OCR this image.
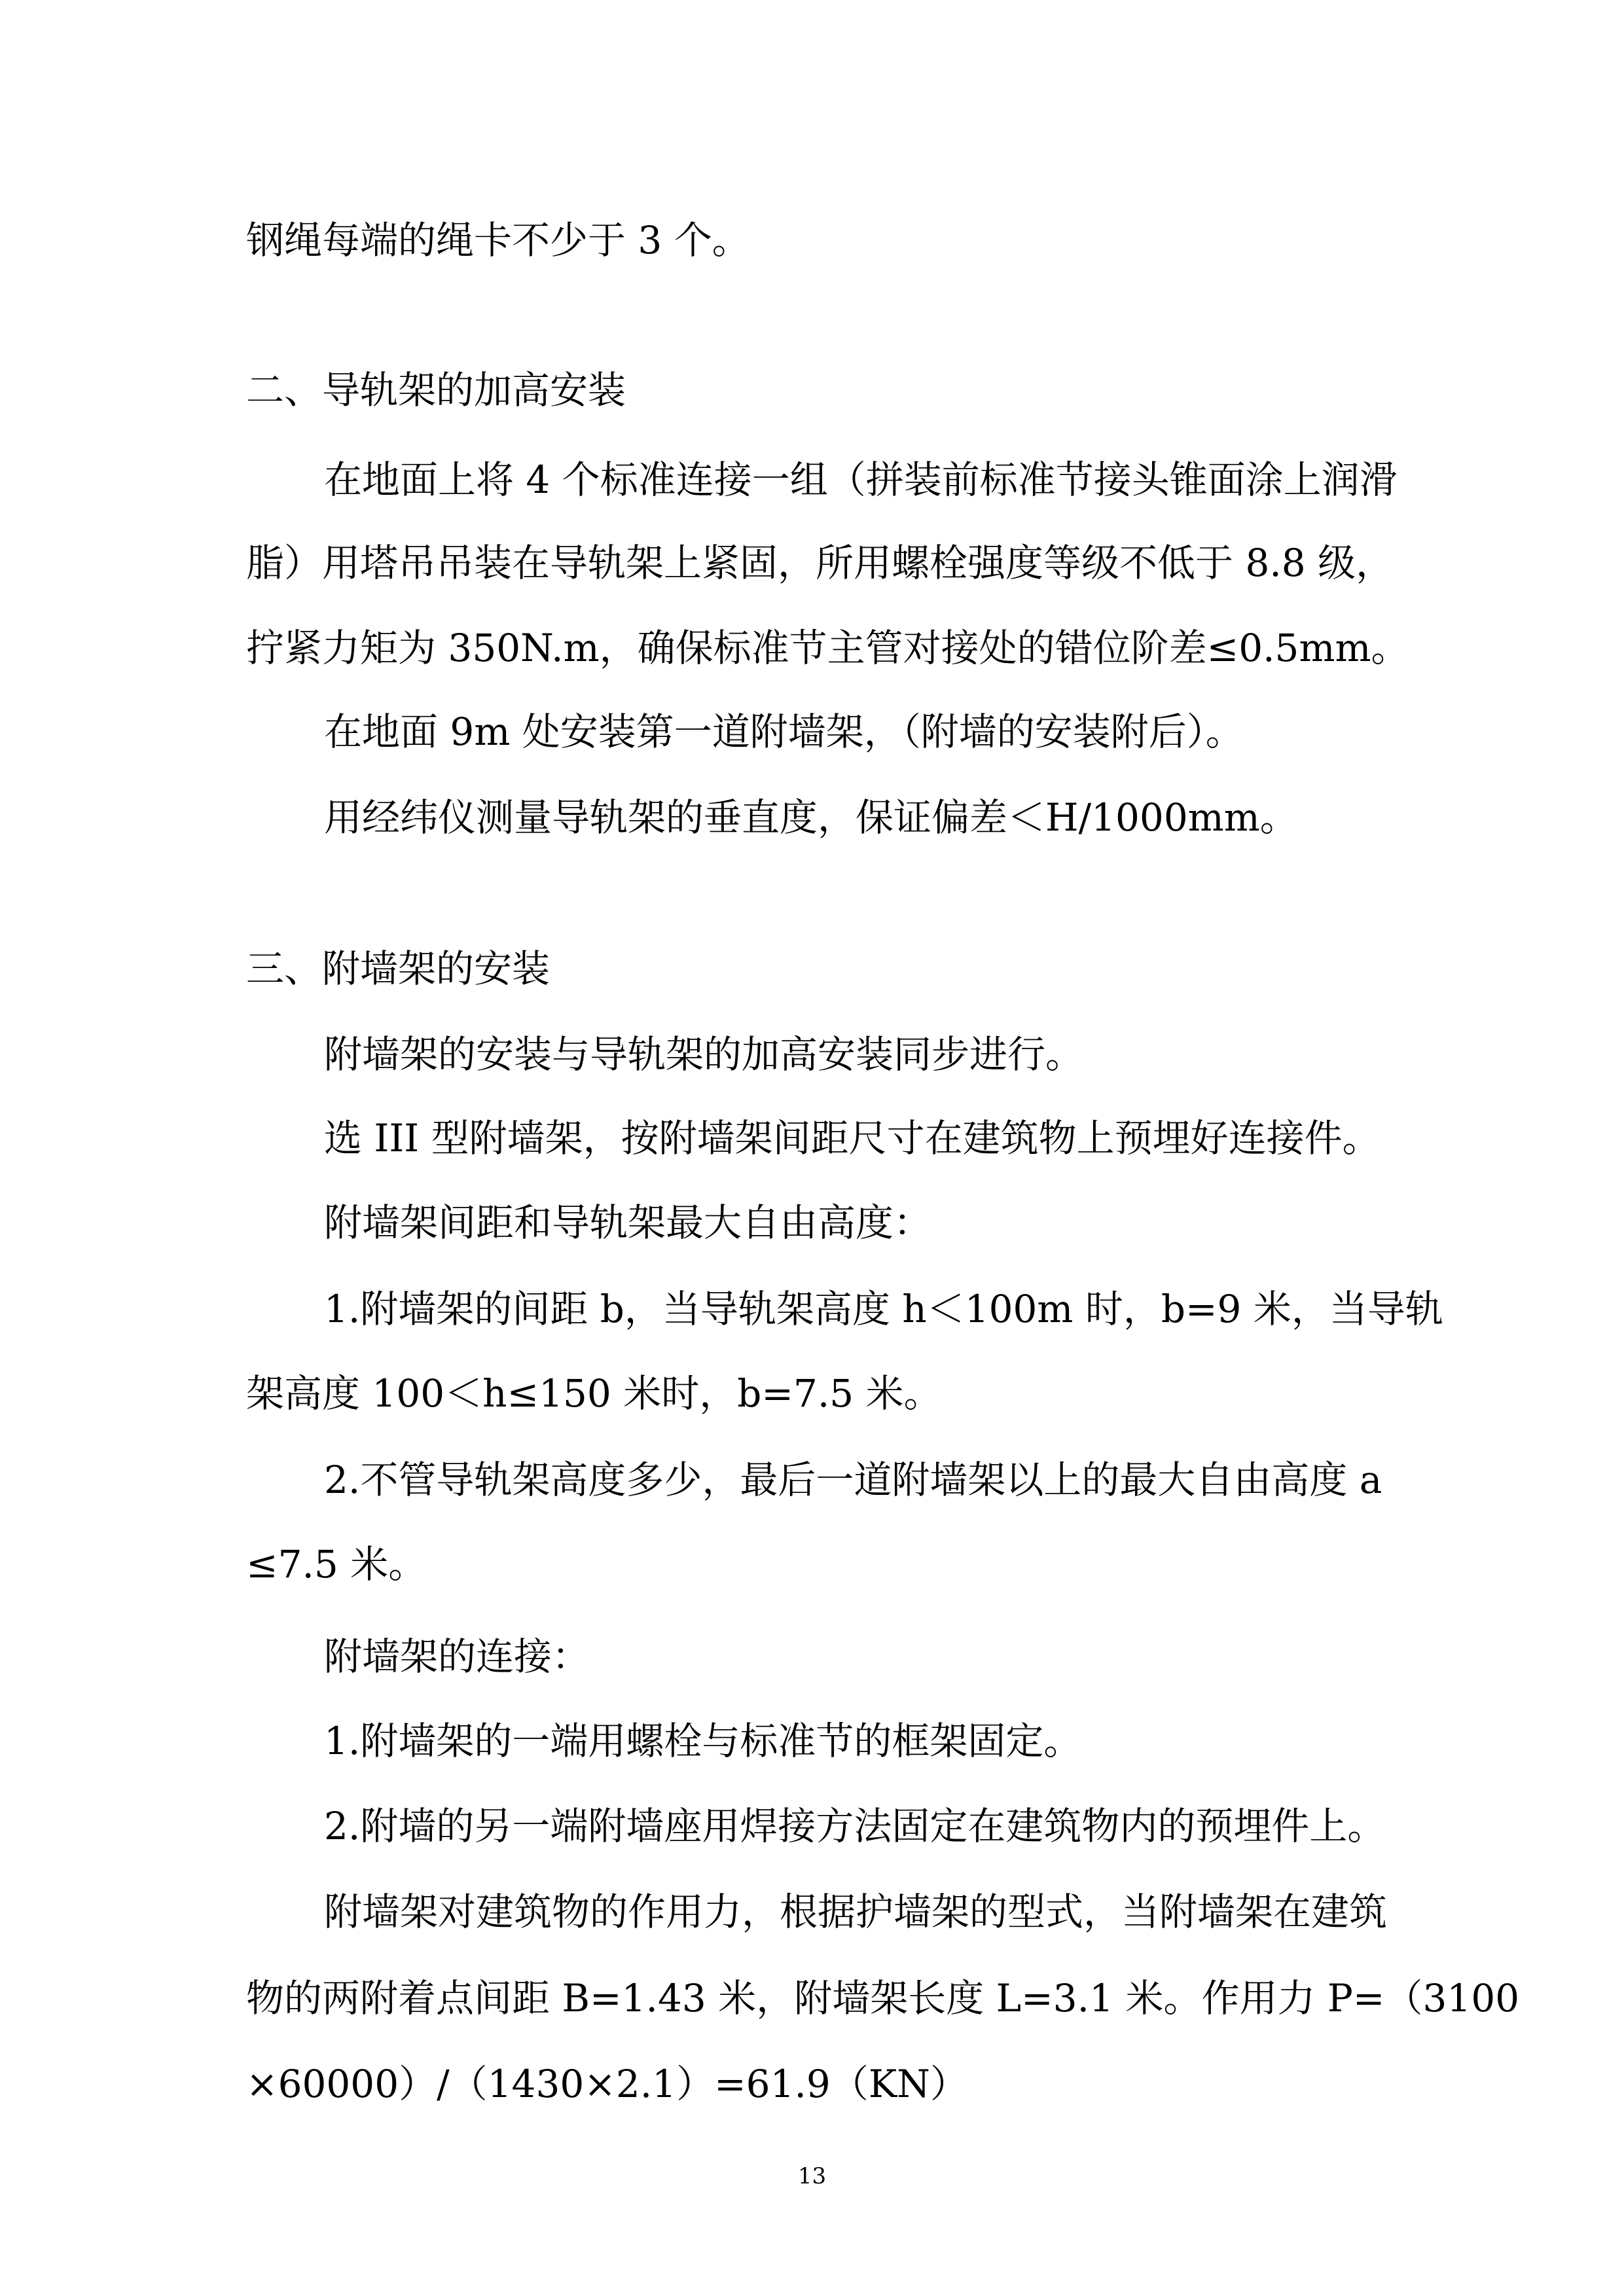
钢绳每端的绳卡不少于 3 个。
二、导轨架的加高安装
在地面上将 4 个标准连接一组（拼装前标准节接头锥面涂上润滑
脂）用塔吊吊装在导轨架上紧固，所用螺栓强度等级不低于 8.8 级，
拧紧力矩为 350N.m，确保标准节主管对接处的错位阶差≤0.5mm。
在地面 9m 处安装第一道附墙架，（附墙的安装附后）。
用经纬仪测量导轨架的垂直度，保证偏差＜H/1000mm。
三、附墙架的安装
附墙架的安装与导轨架的加高安装同步进行。
选 III 型附墙架，按附墙架间距尺寸在建筑物上预埋好连接件。
附墙架间距和导轨架最大自由高度：
1.附墙架的间距 b，当导轨架高度 h＜100m 时，b=9 米，当导轨
架高度 100＜h≤150 米时，b=7.5 米。
2.不管导轨架高度多少，最后一道附墙架以上的最大自由高度 a
≤7.5 米。
附墙架的连接：
1.附墙架的一端用螺栓与标准节的框架固定。
2.附墙的另一端附墙座用焊接方法固定在建筑物内的预埋件上。
附墙架对建筑物的作用力，根据护墙架的型式，当附墙架在建筑
物的两附着点间距 B=1.43 米，附墙架长度 L=3.1 米。作用力 P=（3100
×60000）/（1430×2.1）=61.9（KN）
13
